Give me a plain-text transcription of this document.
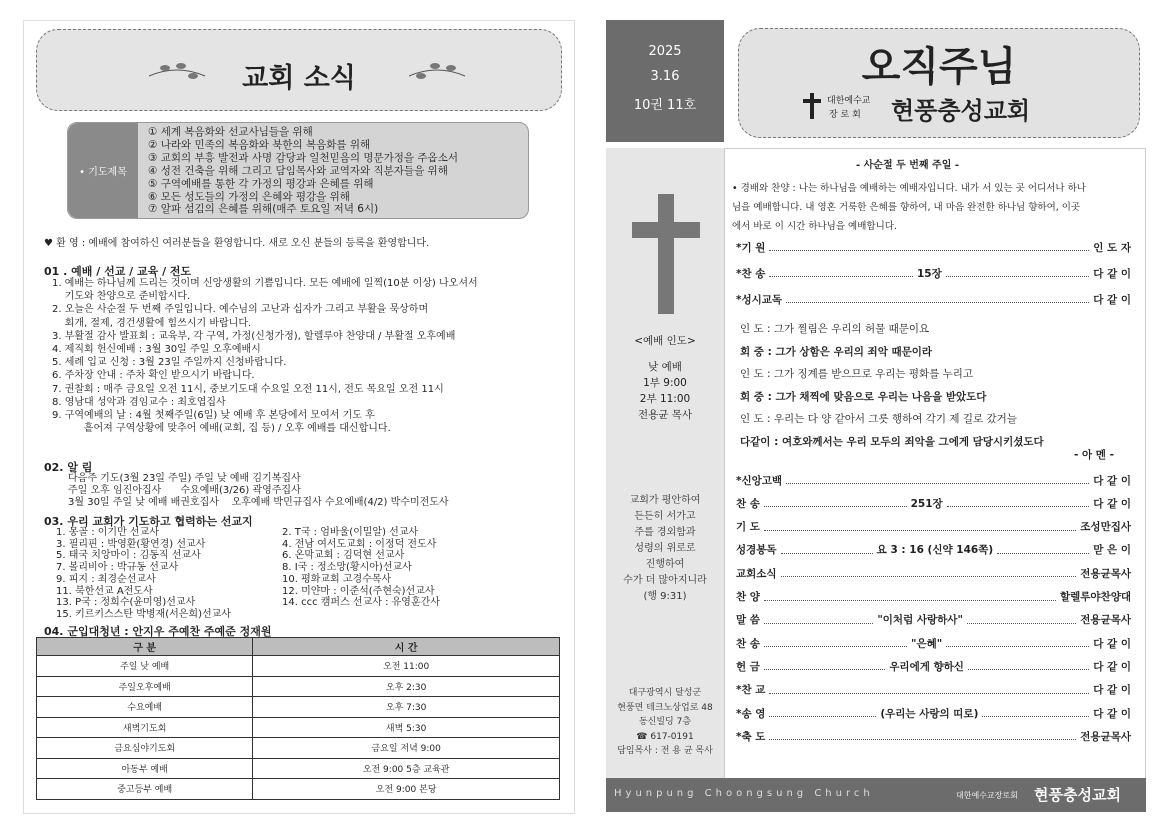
교회 소식
• 기도제목
① 세계 복음화와 선교사님들을 위해
② 나라와 민족의 복음화와 북한의 복음화를 위해
③ 교회의 부흥 발전과 사명 감당과 일천믿음의 명문가정을 주옵소서
④ 성전 건축을 위해 그리고 담임목사와 교역자와 직분자들을 위해
⑤ 구역예배를 통한 각 가정의 평강과 은혜를 위해
⑥ 모든 성도들의 가정의 은혜와 평강을 위해
⑦ 알파 섬김의 은혜를 위해(매주 토요일 저녁 6시)
♥ 환 영 : 예배에 참여하신 여러분들을 환영합니다. 새로 오신 분들의 등록을 환영합니다.
01 . 예배 / 선교 / 교육 / 전도
1. 예배는 하나님께 드리는 것이며 신앙생활의 기쁨입니다. 모든 예배에 일찍(10분 이상) 나오셔서
기도와 찬양으로 준비합시다.
2. 오늘은 사순절 두 번째 주일입니다. 예수님의 고난과 십자가 그리고 부활을 묵상하며
회개, 절제, 경건생활에 힘쓰시기 바랍니다.
3. 부활절 감사 발표회 : 교육부, 각 구역, 가정(신청가정), 할렐루야 찬양대 / 부활절 오후예배
4. 제직회 헌신예배 : 3월 30일 주일 오후예배시
5. 세례 입교 신청 : 3월 23일 주일까지 신청바랍니다.
6. 주차장 안내 : 주차 확인 받으시기 바랍니다.
7. 권찰회 : 매주 금요일 오전 11시, 중보기도대 수요일 오전 11시, 전도 목요일 오전 11시
8. 영남대 성악과 겸임교수 : 최호엽집사
9. 구역예배의 날 : 4월 첫째주일(6일) 낮 예배 후 본당에서 모여서 기도 후
흩어져 구역상황에 맞추어 예배(교회, 집 등) / 오후 예배를 대신합니다.
02. 알 림
다음주 기도(3월 23일 주일) 주일 낮 예배 김기복집사
주일 오후 임진아집사      수요예배(3/26) 곽영주집사
3월 30일 주일 낮 예배 배권호집사    오후예배 박민규집사 수요예배(4/2) 박수미전도사
03. 우리 교회가 기도하고 협력하는 선교지
1. 몽골 : 이기만 선교사
3. 필리핀 : 박영환(황연경) 선교사
5. 태국 치앙마이 : 김동직 선교사
7. 볼리비아 : 박규동 선교사
9. 피지 : 최경순선교사
11. 북한선교 A전도사
13. P국 : 정희수(윤미영)선교사
15. 키르키스스탄 박병재(서은희)선교사
2. T국 : 엄바울(이밀알) 선교사
4. 전남 여서도교회 : 이정덕 전도사
6. 온막교회 : 김덕현 선교사
8. I국 : 정소망(황시아)선교사
10. 평화교회 고경수목사
12. 미얀마 : 이준석(주현숙)선교사
14. ccc 캠퍼스 선교사 : 유영훈간사
04. 군입대청년 : 안지우 주예찬 주예준 정재원
구 분	시 간
주일 낮 예배	오전 11:00
주일오후예배	오후 2:30
수요예배	오후 7:30
새벽기도회	새벽 5:30
금요심야기도회	금요일 저녁 9:00
아동부 예배	오전 9:00 5층 교육관
중고등부 예배	오전 9:00 본당
2025
3.16
10권 11호
오직주님
대한예수교
장 로 회 현풍충성교회
<예배 인도>
낮 예배
1부 9:00
2부 11:00
전용균 목사
교회가 평안하여
든든히 서가고
주를 경외함과
성령의 위로로
진행하여
수가 더 많아지니라
(행 9:31)
대구광역시 달성군
현풍면 테크노상업로 48
동신빌딩 7층
☎ 617-0191
담임목사 : 전 용 균 목사
- 사순절 두 번째 주일 -
• 경배와 찬양 : 나는 하나님을 예배하는 예배자입니다. 내가 서 있는 곳 어디서나 하나
님을 예배합니다. 내 영혼 거룩한 은혜를 향하여, 내 마음 완전한 하나님 향하여, 이곳
에서 바로 이 시간 하나님을 예배합니다.
*기 원	인 도 자
*찬 송	15장	다 같 이
*성시교독	다 같 이
인 도 : 그가 찔림은 우리의 허물 때문이요
회 중 : 그가 상함은 우리의 죄악 때문이라
인 도 : 그가 징계를 받으므로 우리는 평화를 누리고
회 중 : 그가 채찍에 맞음으로 우리는 나음을 받았도다
인 도 : 우리는 다 양 같아서 그릇 행하여 각기 제 길로 갔거늘
다같이 : 여호와께서는 우리 모두의 죄악을 그에게 담당시키셨도다
- 아 멘 -
*신앙고백	다 같 이
찬 송	251장	다 같 이
기 도	조성만집사
성경봉독	요 3 : 16 (신약 146쪽)	맏 은 이
교회소식	전용균목사
찬 양	할렐루야찬양대
말 씀	"이처럼 사랑하사"	전용균목사
찬 송	"은혜"	다 같 이
헌 금	우리에게 향하신	다 같 이
*찬 교	다 같 이
*송 영	(우리는 사랑의 띠로)	다 같 이
*축 도	전용균목사
Hyunpung Choongsung Church	대한예수교장로회 현풍충성교회
